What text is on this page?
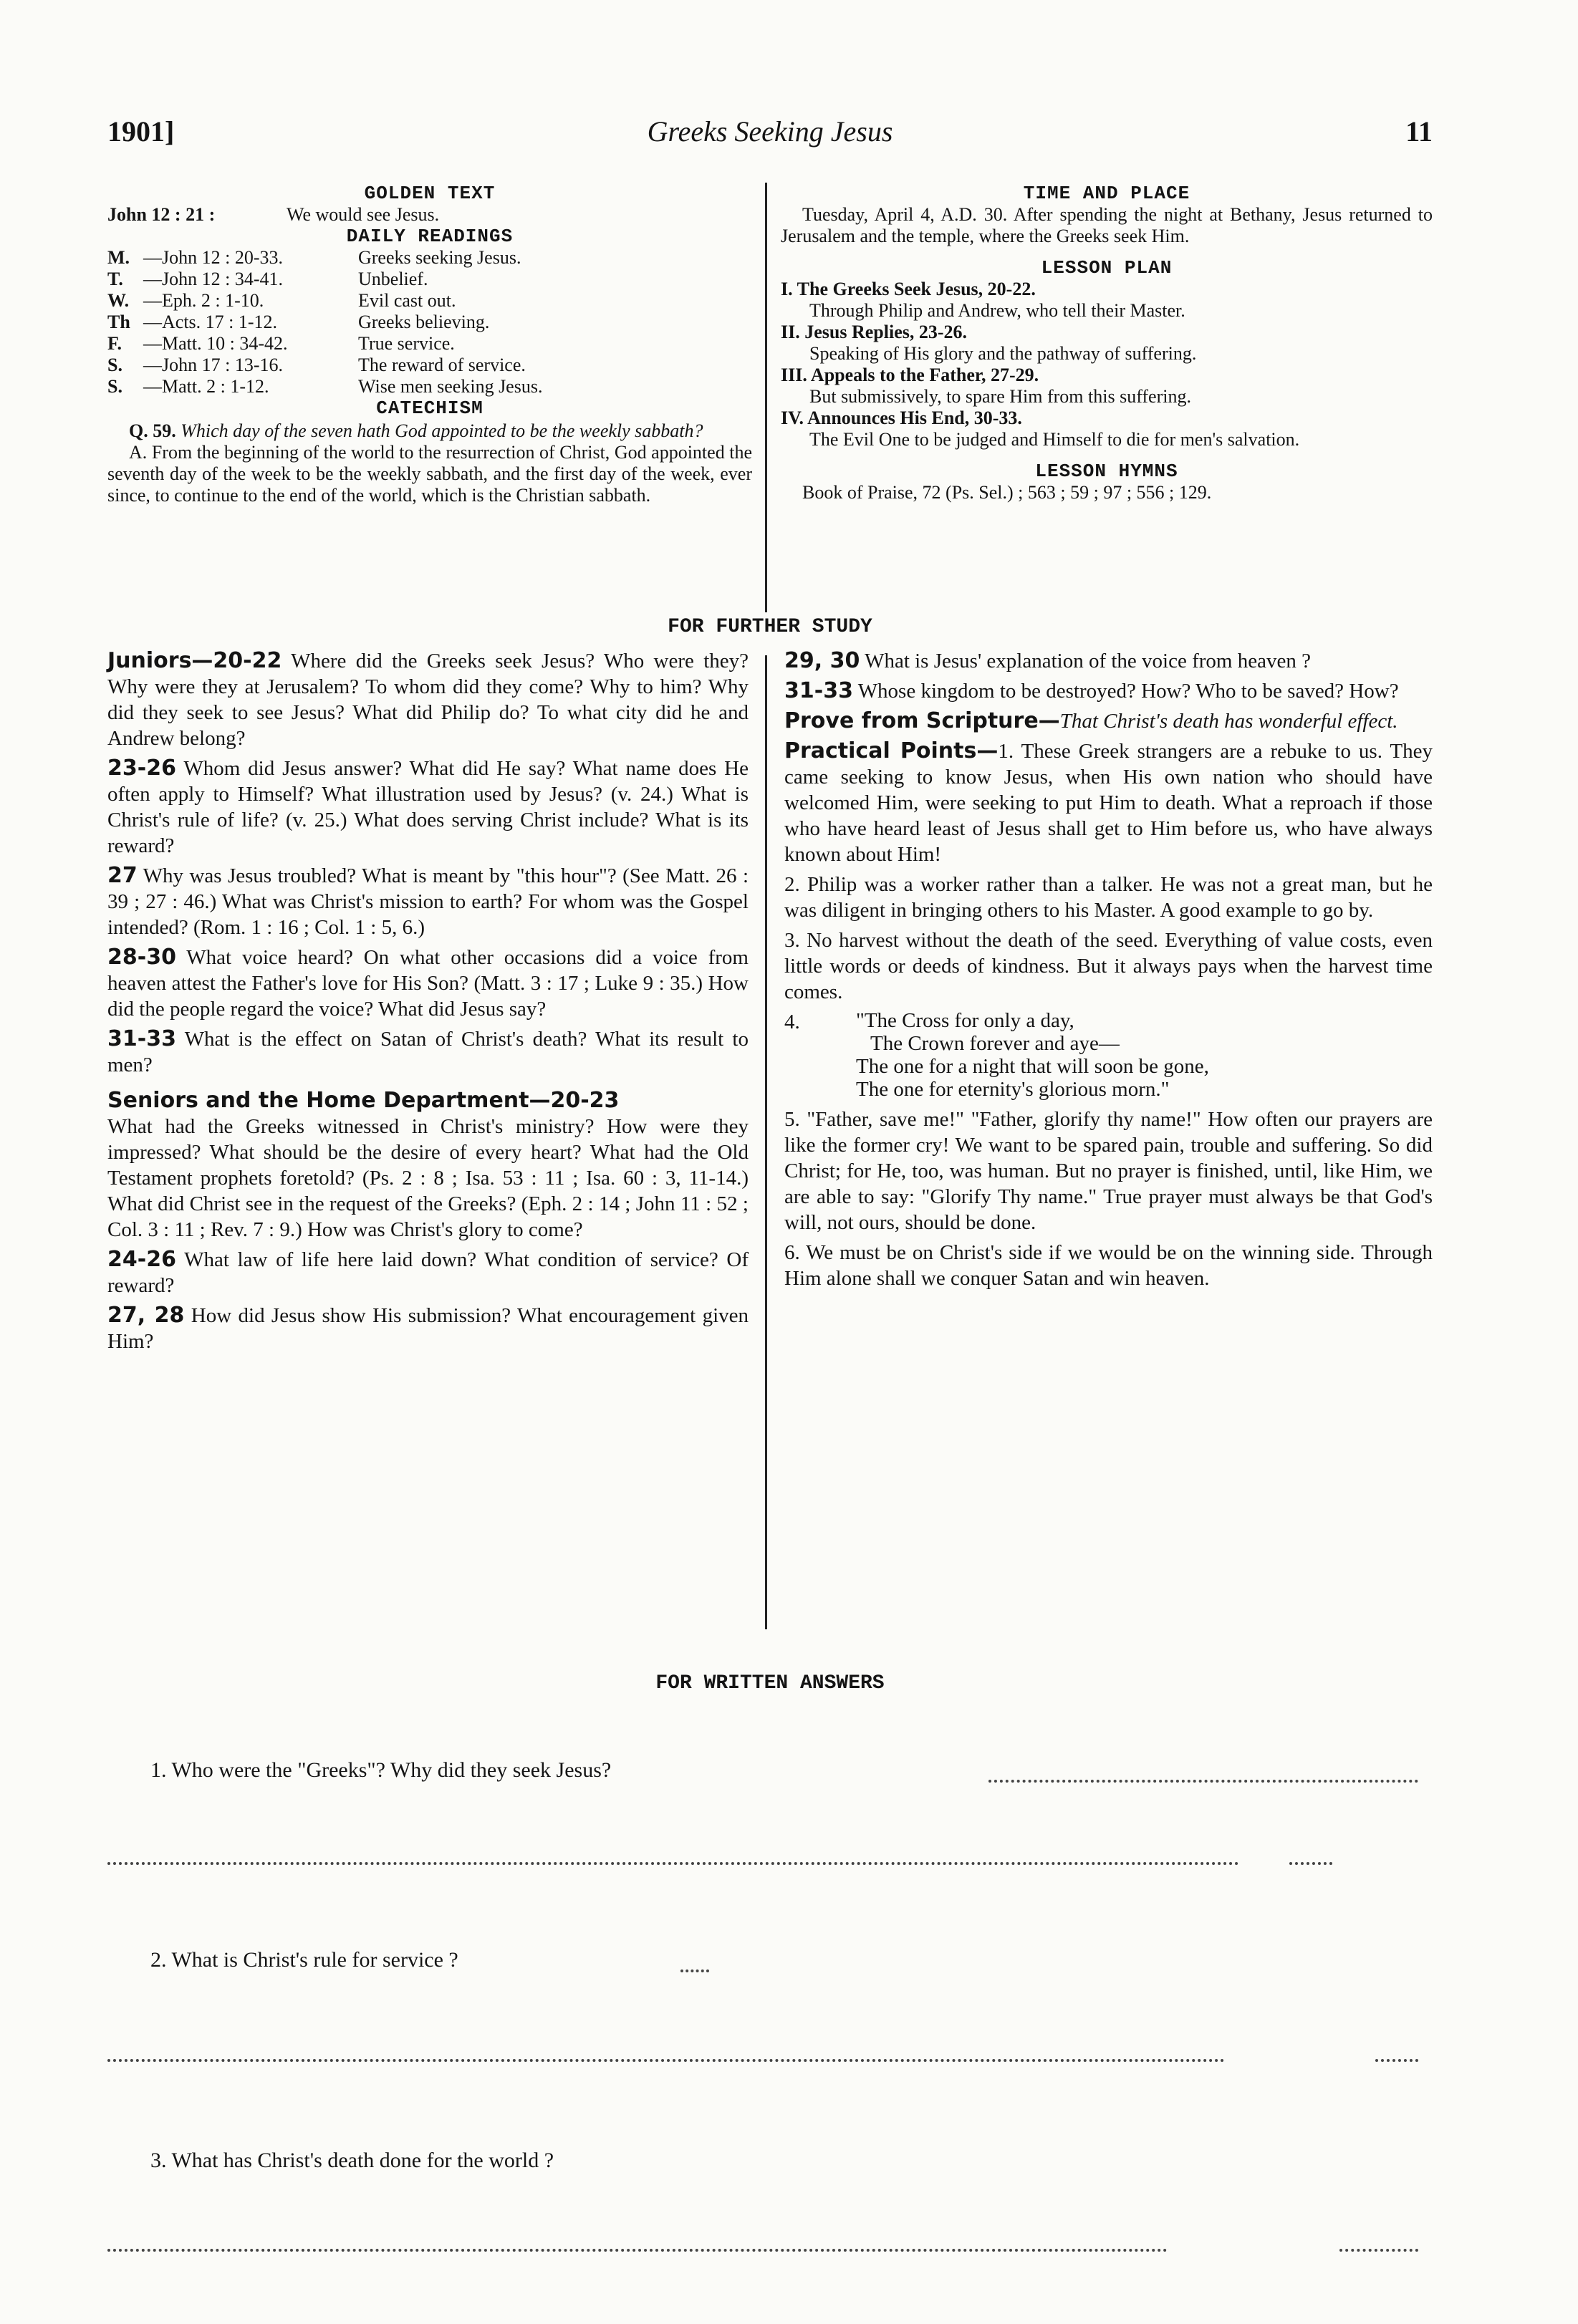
1901]	Greeks Seeking Jesus	11
GOLDEN TEXT
John 12 : 21 :	We would see Jesus.
DAILY READINGS
M. —John 12 : 20-33.	Greeks seeking Jesus.
T.	—John 12 : 34-41.	Unbelief.
W. —Eph. 2 : 1-10.	Evil cast out.
Th —Acts. 17 : 1-12.	Greeks believing.
F.	—Matt. 10 : 34-42.	True service.
S.	—John 17 : 13-16.	The reward of service.
S.	—Matt. 2 : 1-12.	Wise men seeking Jesus.
CATECHISM
Q. 59. Which day of the seven hath God appointed to be the weekly sabbath?
A. From the beginning of the world to the resurrection of Christ, God appointed the seventh day of the week to be the weekly sabbath, and the first day of the week, ever since, to continue to the end of the world, which is the Christian sabbath.
TIME AND PLACE
Tuesday, April 4, A.D. 30. After spending the night at Bethany, Jesus returned to Jerusalem and the temple, where the Greeks seek Him.
LESSON PLAN
I. The Greeks Seek Jesus, 20-22.
Through Philip and Andrew, who tell their Master.
II. Jesus Replies, 23-26.
Speaking of His glory and the pathway of suffering.
III. Appeals to the Father, 27-29.
But submissively, to spare Him from this suffering.
IV. Announces His End, 30-33.
The Evil One to be judged and Himself to die for men's salvation.
LESSON HYMNS
Book of Praise, 72 (Ps. Sel.) ; 563 ; 59 ; 97 ; 556 ; 129.
FOR FURTHER STUDY

Juniors—20-22 Where did the Greeks seek Jesus? Who were they? Why were they at Jerusalem? To whom did they come? Why to him? Why did they seek to see Jesus? What did Philip do? To what city did he and Andrew belong?

23-26 Whom did Jesus answer? What did He say? What name does He often apply to Himself? What illustration used by Jesus? (v. 24.) What is Christ's rule of life? (v. 25.) What does serving Christ include? What is its reward?

27 Why was Jesus troubled? What is meant by "this hour"? (See Matt. 26 : 39 ; 27 : 46.) What was Christ's mission to earth? For whom was the Gospel intended? (Rom. 1 : 16 ; Col. 1 : 5, 6.)

28-30 What voice heard? On what other occasions did a voice from heaven attest the Father's love for His Son? (Matt. 3 : 17 ; Luke 9 : 35.) How did the people regard the voice? What did Jesus say?

31-33 What is the effect on Satan of Christ's death? What its result to men?

Seniors and the Home Department—20-23
What had the Greeks witnessed in Christ's ministry? How were they impressed? What should be the desire of every heart? What had the Old Testament prophets foretold? (Ps. 2 : 8 ; Isa. 53 : 11 ; Isa. 60 : 3, 11-14.) What did Christ see in the request of the Greeks? (Eph. 2 : 14 ; John 11 : 52 ; Col. 3 : 11 ; Rev. 7 : 9.) How was Christ's glory to come?

24-26 What law of life here laid down? What condition of service? Of reward?

27, 28 How did Jesus show His submission? What encouragement given Him?

29, 30 What is Jesus' explanation of the voice from heaven ?

31-33 Whose kingdom to be destroyed? How? Who to be saved? How?

Prove from Scripture—That Christ's death has wonderful effect.

Practical Points—1. These Greek strangers are a rebuke to us. They came seeking to know Jesus, when His own nation who should have welcomed Him, were seeking to put Him to death. What a reproach if those who have heard least of Jesus shall get to Him before us, who have always known about Him!

2. Philip was a worker rather than a talker. He was not a great man, but he was diligent in bringing others to his Master. A good example to go by.

3. No harvest without the death of the seed. Everything of value costs, even little words or deeds of kindness. But it always pays when the harvest time comes.

4.	"The Cross for only a day,
The Crown forever and aye—
The one for a night that will soon be gone,
The one for eternity's glorious morn."

5. "Father, save me!" "Father, glorify thy name!" How often our prayers are like the former cry! We want to be spared pain, trouble and suffering. So did Christ; for He, too, was human. But no prayer is finished, until, like Him, we are able to say: "Glorify Thy name." True prayer must always be that God's will, not ours, should be done.

6. We must be on Christ's side if we would be on the winning side. Through Him alone shall we conquer Satan and win heaven.

FOR WRITTEN ANSWERS
1. Who were the "Greeks"? Why did they seek Jesus?
2. What is Christ's rule for service ?
3. What has Christ's death done for the world ?
